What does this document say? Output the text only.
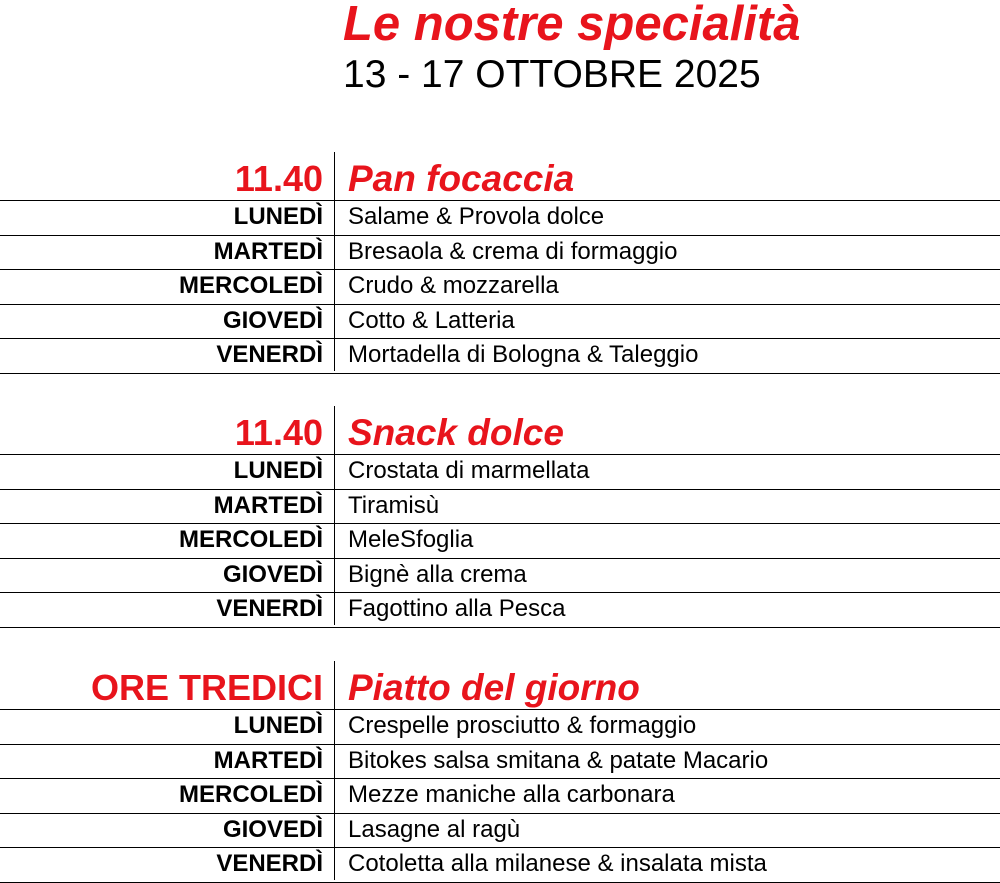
Le nostre specialità
13 - 17 OTTOBRE 2025
11.40 Pan focaccia
LUNEDÌ Salame & Provola dolce
MARTEDÌ Bresaola & crema di formaggio
MERCOLEDÌ Crudo & mozzarella
GIOVEDÌ Cotto & Latteria
VENERDÌ Mortadella di Bologna & Taleggio
11.40 Snack dolce
LUNEDÌ Crostata di marmellata
MARTEDÌ Tiramisù
MERCOLEDÌ MeleSfoglia
GIOVEDÌ Bignè alla crema
VENERDÌ Fagottino alla Pesca
ORE TREDICI Piatto del giorno
LUNEDÌ Crespelle prosciutto & formaggio
MARTEDÌ Bitokes salsa smitana & patate Macario
MERCOLEDÌ Mezze maniche alla carbonara
GIOVEDÌ Lasagne al ragù
VENERDÌ Cotoletta alla milanese & insalata mista
